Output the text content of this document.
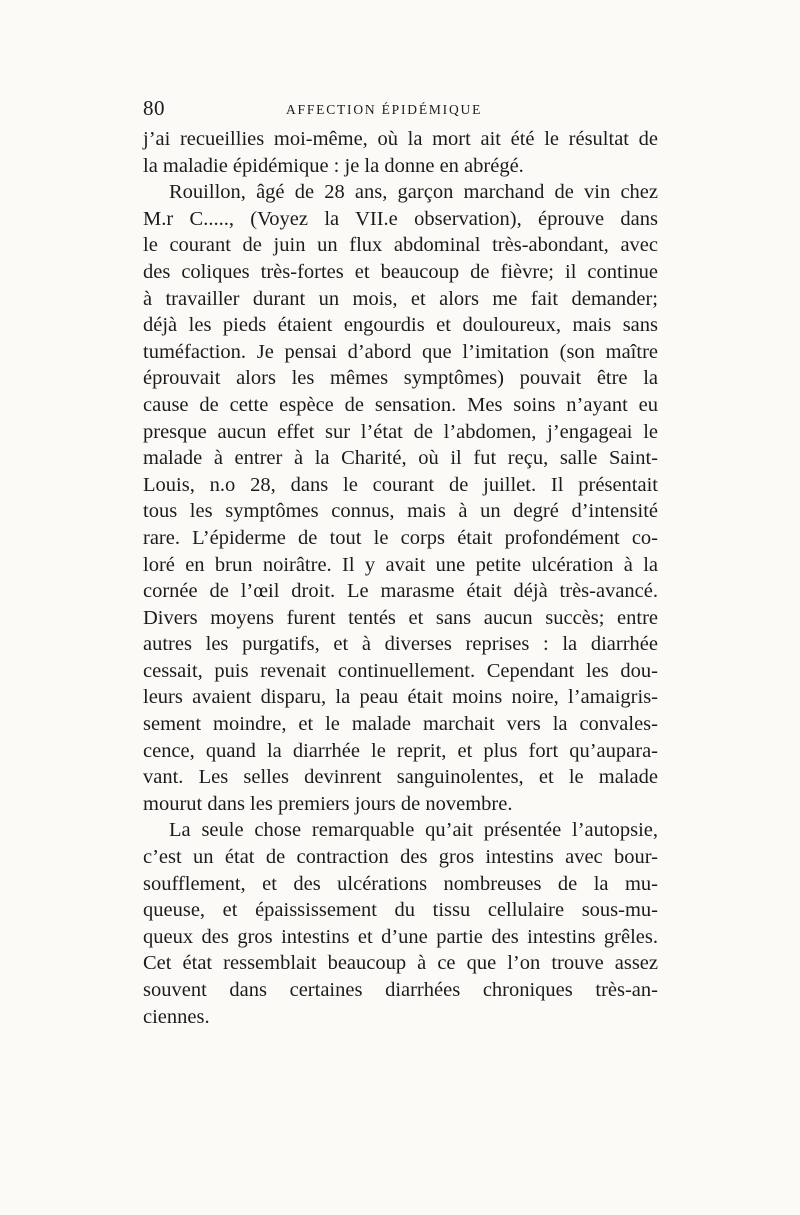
80	AFFECTION ÉPIDÉMIQUE
j’ai recueillies moi-même, où la mort ait été le résultat de
la maladie épidémique : je la donne en abrégé.
Rouillon, âgé de 28 ans, garçon marchand de vin chez
M.r C....., (Voyez la VII.e observation), éprouve dans
le courant de juin un flux abdominal très-abondant, avec
des coliques très-fortes et beaucoup de fièvre; il continue
à travailler durant un mois, et alors me fait demander;
déjà les pieds étaient engourdis et douloureux, mais sans
tuméfaction. Je pensai d’abord que l’imitation (son maître
éprouvait alors les mêmes symptômes) pouvait être la
cause de cette espèce de sensation. Mes soins n’ayant eu
presque aucun effet sur l’état de l’abdomen, j’engageai le
malade à entrer à la Charité, où il fut reçu, salle Saint-
Louis, n.o 28, dans le courant de juillet. Il présentait
tous les symptômes connus, mais à un degré d’intensité
rare. L’épiderme de tout le corps était profondément co-
loré en brun noirâtre. Il y avait une petite ulcération à la
cornée de l’œil droit. Le marasme était déjà très-avancé.
Divers moyens furent tentés et sans aucun succès; entre
autres les purgatifs, et à diverses reprises : la diarrhée
cessait, puis revenait continuellement. Cependant les dou-
leurs avaient disparu, la peau était moins noire, l’amaigris-
sement moindre, et le malade marchait vers la convales-
cence, quand la diarrhée le reprit, et plus fort qu’aupara-
vant. Les selles devinrent sanguinolentes, et le malade
mourut dans les premiers jours de novembre.
La seule chose remarquable qu’ait présentée l’autopsie,
c’est un état de contraction des gros intestins avec bour-
soufflement, et des ulcérations nombreuses de la mu-
queuse, et épaississement du tissu cellulaire sous-mu-
queux des gros intestins et d’une partie des intestins grêles.
Cet état ressemblait beaucoup à ce que l’on trouve assez
souvent dans certaines diarrhées chroniques très-an-
ciennes.
